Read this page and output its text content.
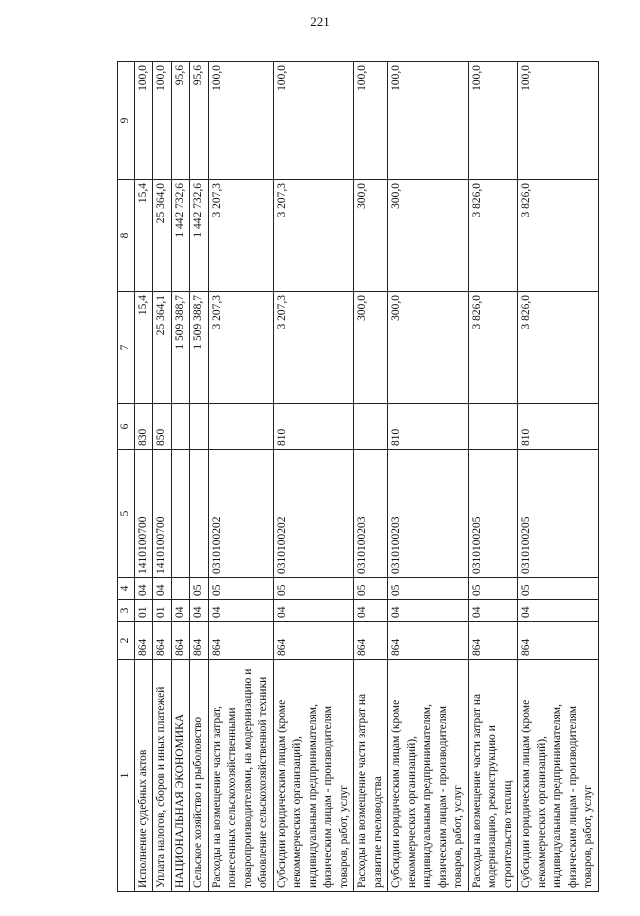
221
1	2	3	4	5	6	7	8	9
Исполнение судебных актов	864	01	04	1410100700	830	15,4	15,4	100,0
Уплата налогов, сборов и иных платежей	864	01	04	1410100700	850	25 364,1	25 364,0	100,0
НАЦИОНАЛЬНАЯ ЭКОНОМИКА	864	04				1 509 388,7	1 442 732,6	95,6
Сельское хозяйство и рыболовство	864	04	05			1 509 388,7	1 442 732,6	95,6
Расходы на возмещение части затрат, понесенных сельскохозяйственными товаропроизводителями, на модернизацию и обновление сельскохозяйственной техники	864	04	05	0310100202		3 207,3	3 207,3	100,0
Субсидии юридическим лицам (кроме некоммерческих организаций), индивидуальным предпринимателям, физическим лицам - производителям товаров, работ, услуг	864	04	05	0310100202	810	3 207,3	3 207,3	100,0
Расходы на возмещение части затрат на развитие пчеловодства	864	04	05	0310100203		300,0	300,0	100,0
Субсидии юридическим лицам (кроме некоммерческих организаций), индивидуальным предпринимателям, физическим лицам - производителям товаров, работ, услуг	864	04	05	0310100203	810	300,0	300,0	100,0
Расходы на возмещение части затрат на модернизацию, реконструкцию и строительство теплиц	864	04	05	0310100205		3 826,0	3 826,0	100,0
Субсидии юридическим лицам (кроме некоммерческих организаций), индивидуальным предпринимателям, физическим лицам - производителям товаров, работ, услуг	864	04	05	0310100205	810	3 826,0	3 826,0	100,0
